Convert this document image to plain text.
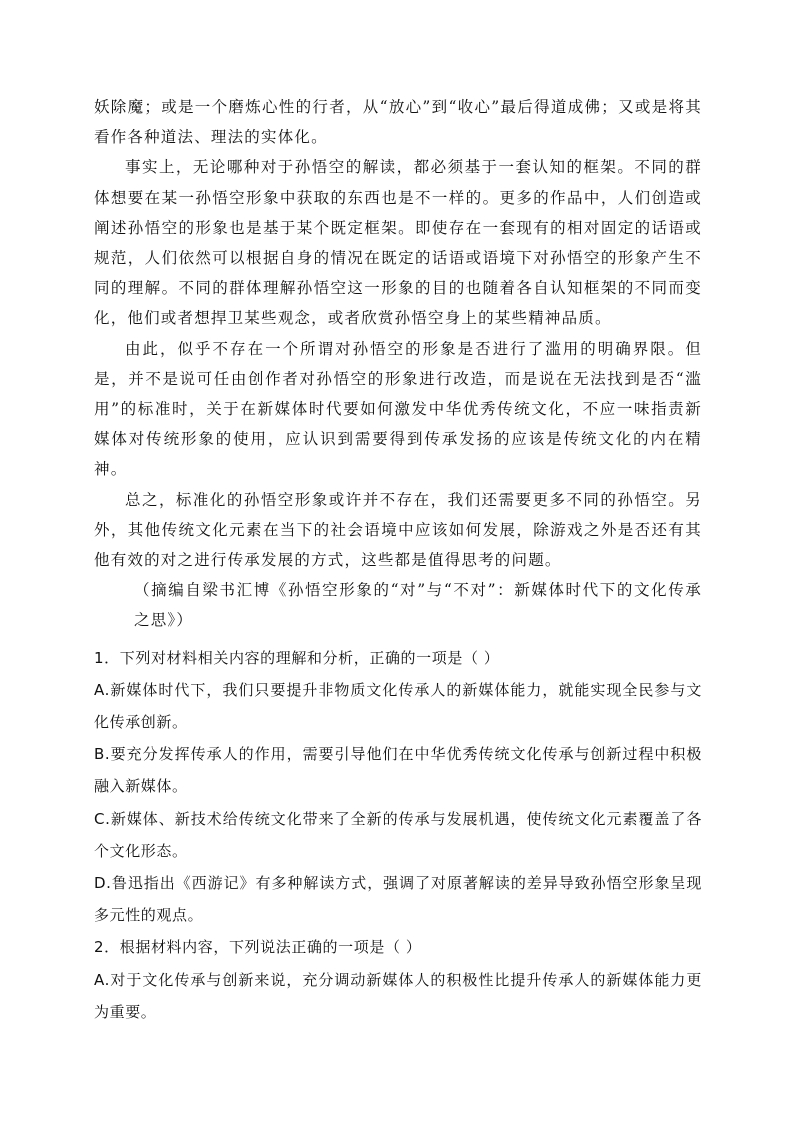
妖除魔；或是一个磨炼心性的行者，从“放心”到“收心”最后得道成佛；又或是将其看作各种道法、理法的实体化。

事实上，无论哪种对于孙悟空的解读，都必须基于一套认知的框架。不同的群体想要在某一孙悟空形象中获取的东西也是不一样的。更多的作品中，人们创造或阐述孙悟空的形象也是基于某个既定框架。即使存在一套现有的相对固定的话语或规范，人们依然可以根据自身的情况在既定的话语或语境下对孙悟空的形象产生不同的理解。不同的群体理解孙悟空这一形象的目的也随着各自认知框架的不同而变化，他们或者想捍卫某些观念，或者欣赏孙悟空身上的某些精神品质。

由此，似乎不存在一个所谓对孙悟空的形象是否进行了滥用的明确界限。但是，并不是说可任由创作者对孙悟空的形象进行改造，而是说在无法找到是否“滥用”的标准时，关于在新媒体时代要如何激发中华优秀传统文化，不应一味指责新媒体对传统形象的使用，应认识到需要得到传承发扬的应该是传统文化的内在精神。

总之，标准化的孙悟空形象或许并不存在，我们还需要更多不同的孙悟空。另外，其他传统文化元素在当下的社会语境中应该如何发展，除游戏之外是否还有其他有效的对之进行传承发展的方式，这些都是值得思考的问题。

（摘编自梁书汇博《孙悟空形象的“对”与“不对”：新媒体时代下的文化传承之思》）

1．下列对材料相关内容的理解和分析，正确的一项是（ ）

A.新媒体时代下，我们只要提升非物质文化传承人的新媒体能力，就能实现全民参与文化传承创新。

B.要充分发挥传承人的作用，需要引导他们在中华优秀传统文化传承与创新过程中积极融入新媒体。

C.新媒体、新技术给传统文化带来了全新的传承与发展机遇，使传统文化元素覆盖了各个文化形态。

D.鲁迅指出《西游记》有多种解读方式，强调了对原著解读的差异导致孙悟空形象呈现多元性的观点。

2．根据材料内容，下列说法正确的一项是（ ）

A.对于文化传承与创新来说，充分调动新媒体人的积极性比提升传承人的新媒体能力更为重要。
